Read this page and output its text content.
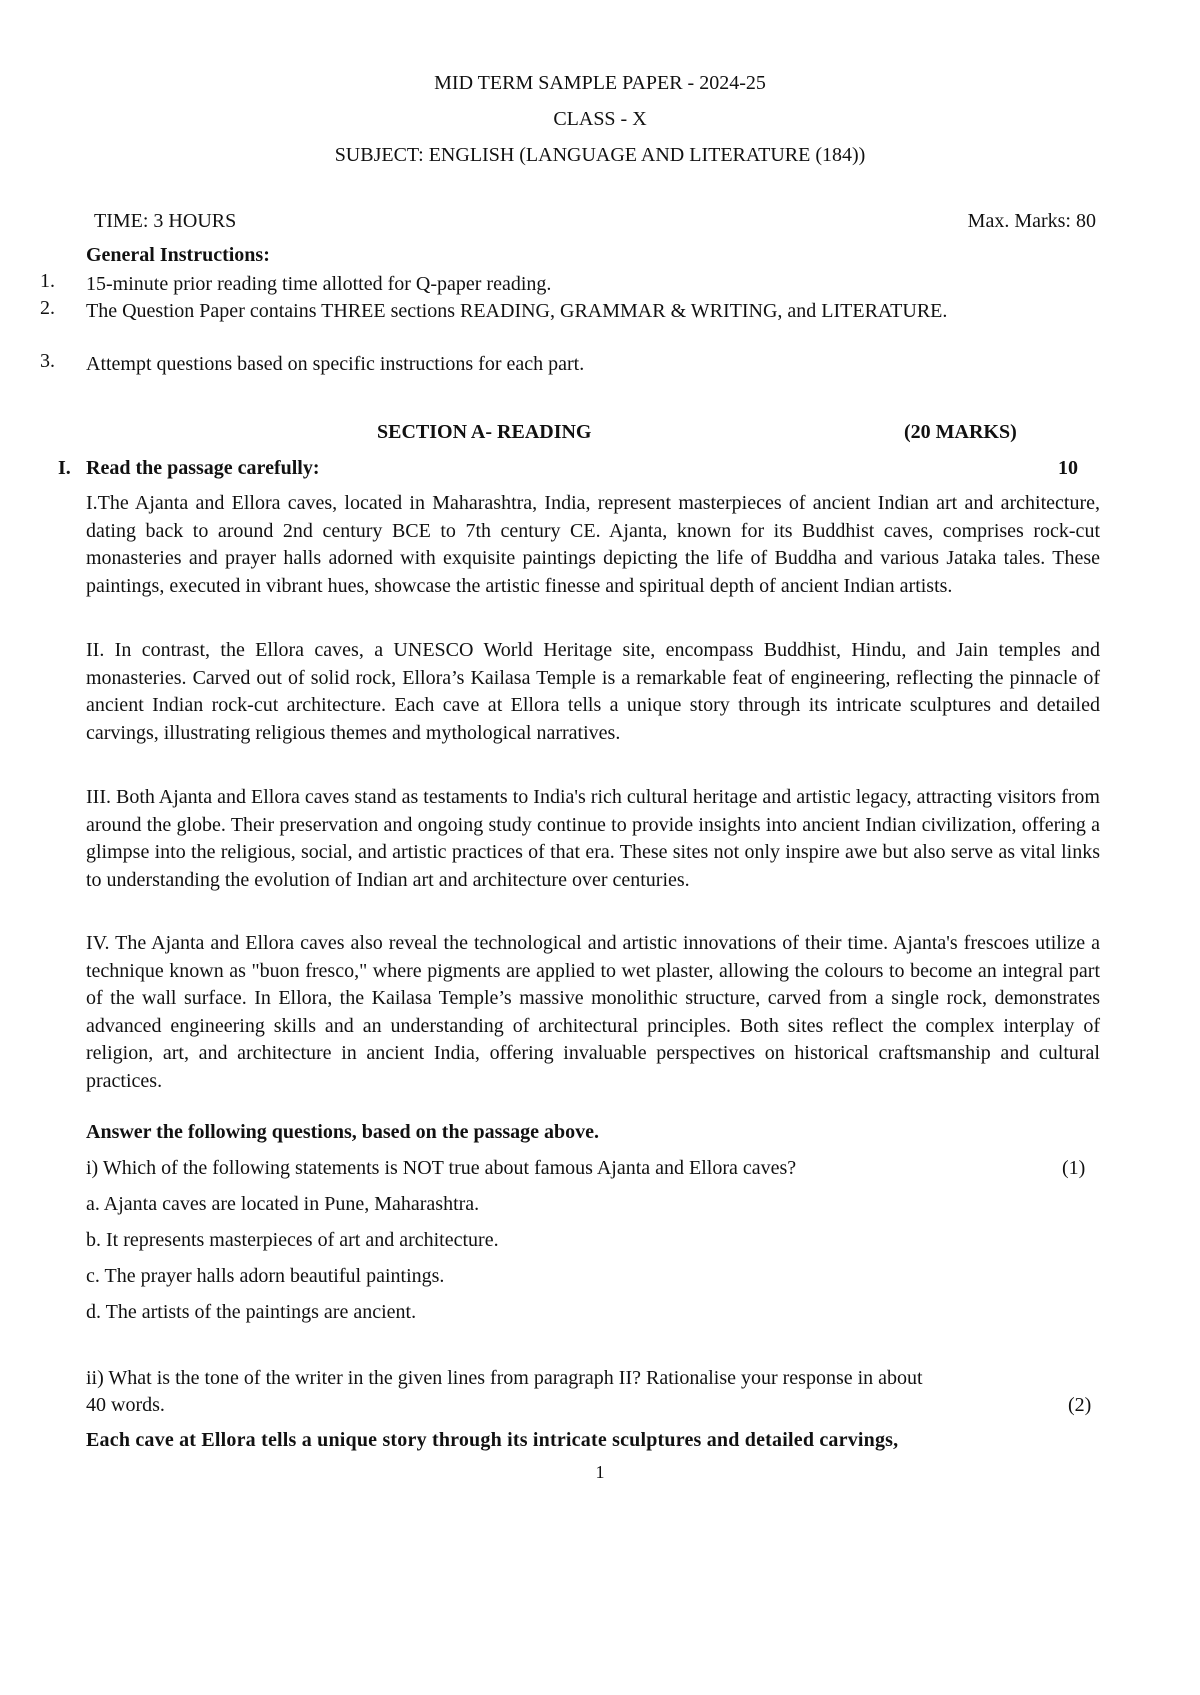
MID TERM SAMPLE PAPER - 2024-25
CLASS - X
SUBJECT: ENGLISH (LANGUAGE AND LITERATURE (184))
TIME: 3 HOURS	Max. Marks: 80
General Instructions:
1. 15-minute prior reading time allotted for Q-paper reading.
2. The Question Paper contains THREE sections READING, GRAMMAR & WRITING, and LITERATURE.
3. Attempt questions based on specific instructions for each part.
SECTION A- READING	(20 MARKS)
I. Read the passage carefully:	10

I.The Ajanta and Ellora caves, located in Maharashtra, India, represent masterpieces of ancient Indian art and architecture, dating back to around 2nd century BCE to 7th century CE. Ajanta, known for its Buddhist caves, comprises rock-cut monasteries and prayer halls adorned with exquisite paintings depicting the life of Buddha and various Jataka tales. These paintings, executed in vibrant hues, showcase the artistic finesse and spiritual depth of ancient Indian artists.

II. In contrast, the Ellora caves, a UNESCO World Heritage site, encompass Buddhist, Hindu, and Jain temples and monasteries. Carved out of solid rock, Ellora’s Kailasa Temple is a remarkable feat of engineering, reflecting the pinnacle of ancient Indian rock-cut architecture. Each cave at Ellora tells a unique story through its intricate sculptures and detailed carvings, illustrating religious themes and mythological narratives.

III. Both Ajanta and Ellora caves stand as testaments to India's rich cultural heritage and artistic legacy, attracting visitors from around the globe. Their preservation and ongoing study continue to provide insights into ancient Indian civilization, offering a glimpse into the religious, social, and artistic practices of that era. These sites not only inspire awe but also serve as vital links to understanding the evolution of Indian art and architecture over centuries.

IV. The Ajanta and Ellora caves also reveal the technological and artistic innovations of their time. Ajanta's frescoes utilize a technique known as "buon fresco," where pigments are applied to wet plaster, allowing the colours to become an integral part of the wall surface. In Ellora, the Kailasa Temple’s massive monolithic structure, carved from a single rock, demonstrates advanced engineering skills and an understanding of architectural principles. Both sites reflect the complex interplay of religion, art, and architecture in ancient India, offering invaluable perspectives on historical craftsmanship and cultural practices.

Answer the following questions, based on the passage above.
i) Which of the following statements is NOT true about famous Ajanta and Ellora caves?	(1)
a. Ajanta caves are located in Pune, Maharashtra.
b. It represents masterpieces of art and architecture.
c. The prayer halls adorn beautiful paintings.
d. The artists of the paintings are ancient.
ii) What is the tone of the writer in the given lines from paragraph II? Rationalise your response in about
40 words.	(2)
Each cave at Ellora tells a unique story through its intricate sculptures and detailed carvings,
1
